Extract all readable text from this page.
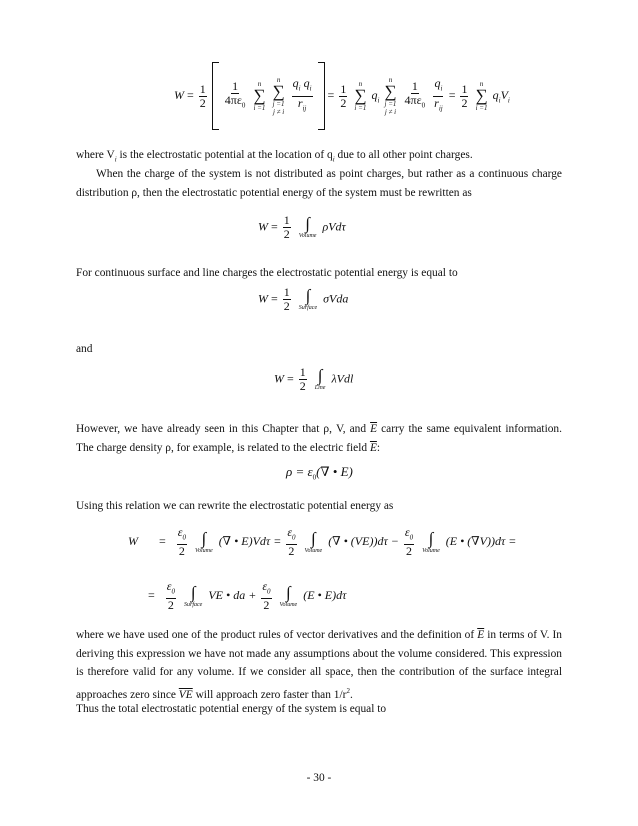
$W = \frac{1}{2}$
$\frac{1}{4\pi\varepsilon_0}$
n
∑
i =1

n
∑
j =1
j ≠ i
$\frac{q_i q_i}{r_{ij}} = \frac{1}{2}$
n
∑
i =1
$q_i$
n
∑
j =1
j ≠ i
$\frac{1}{4\pi\varepsilon_0}$
$\frac{q_i}{r_{ij}} = \frac{1}{2}$
n
∑
i =1
$q_iV_i$
where $V_i$ is the electrostatic potential at the location of $q_i$ due to all other point charges.
When the charge of the system is not distributed as point charges, but rather as a continuous charge distribution ρ, then the electrostatic potential energy of the system must be rewritten as
$W = \frac{1}{2}$
∫
Volume
ρVdτ
For continuous surface and line charges the electrostatic potential energy is equal to
$W = \frac{1}{2}$
∫
Surface
σVda
and
$W = \frac{1}{2}$
∫
Line
λVdl
However, we have already seen in this Chapter that ρ, V, and $\overline{E}$ carry the same equivalent information. The charge density ρ, for example, is related to the electric field $\overline{E}$:
$\rho = \varepsilon_0(\nabla$ • E)
Using this relation we can rewrite the electrostatic potential energy as
$W = \frac{\varepsilon_0}{2}$
∫
Volume
(∇ • $E)Vd\tau = \frac{\varepsilon_0}{2}$
∫
Volume
(∇ • $(VE))d\tau - \frac{\varepsilon_0}{2}$
∫
Volume
(E • (∇V))dτ =
= $\frac{\varepsilon_0}{2}$
∫
Surface
VE • da + $\frac{\varepsilon_0}{2}$
∫
Volume
(E • E)dτ
where we have used one of the product rules of vector derivatives and the definition of $\overline{E}$ in terms of V. In deriving this expression we have not made any assumptions about the volume considered. This expression is therefore valid for any volume. If we consider all space, then the contribution of the surface integral approaches zero since $\overline{VE}$ will approach zero faster than $1/r^2$.
Thus the total electrostatic potential energy of the system is equal to
- 30 -
